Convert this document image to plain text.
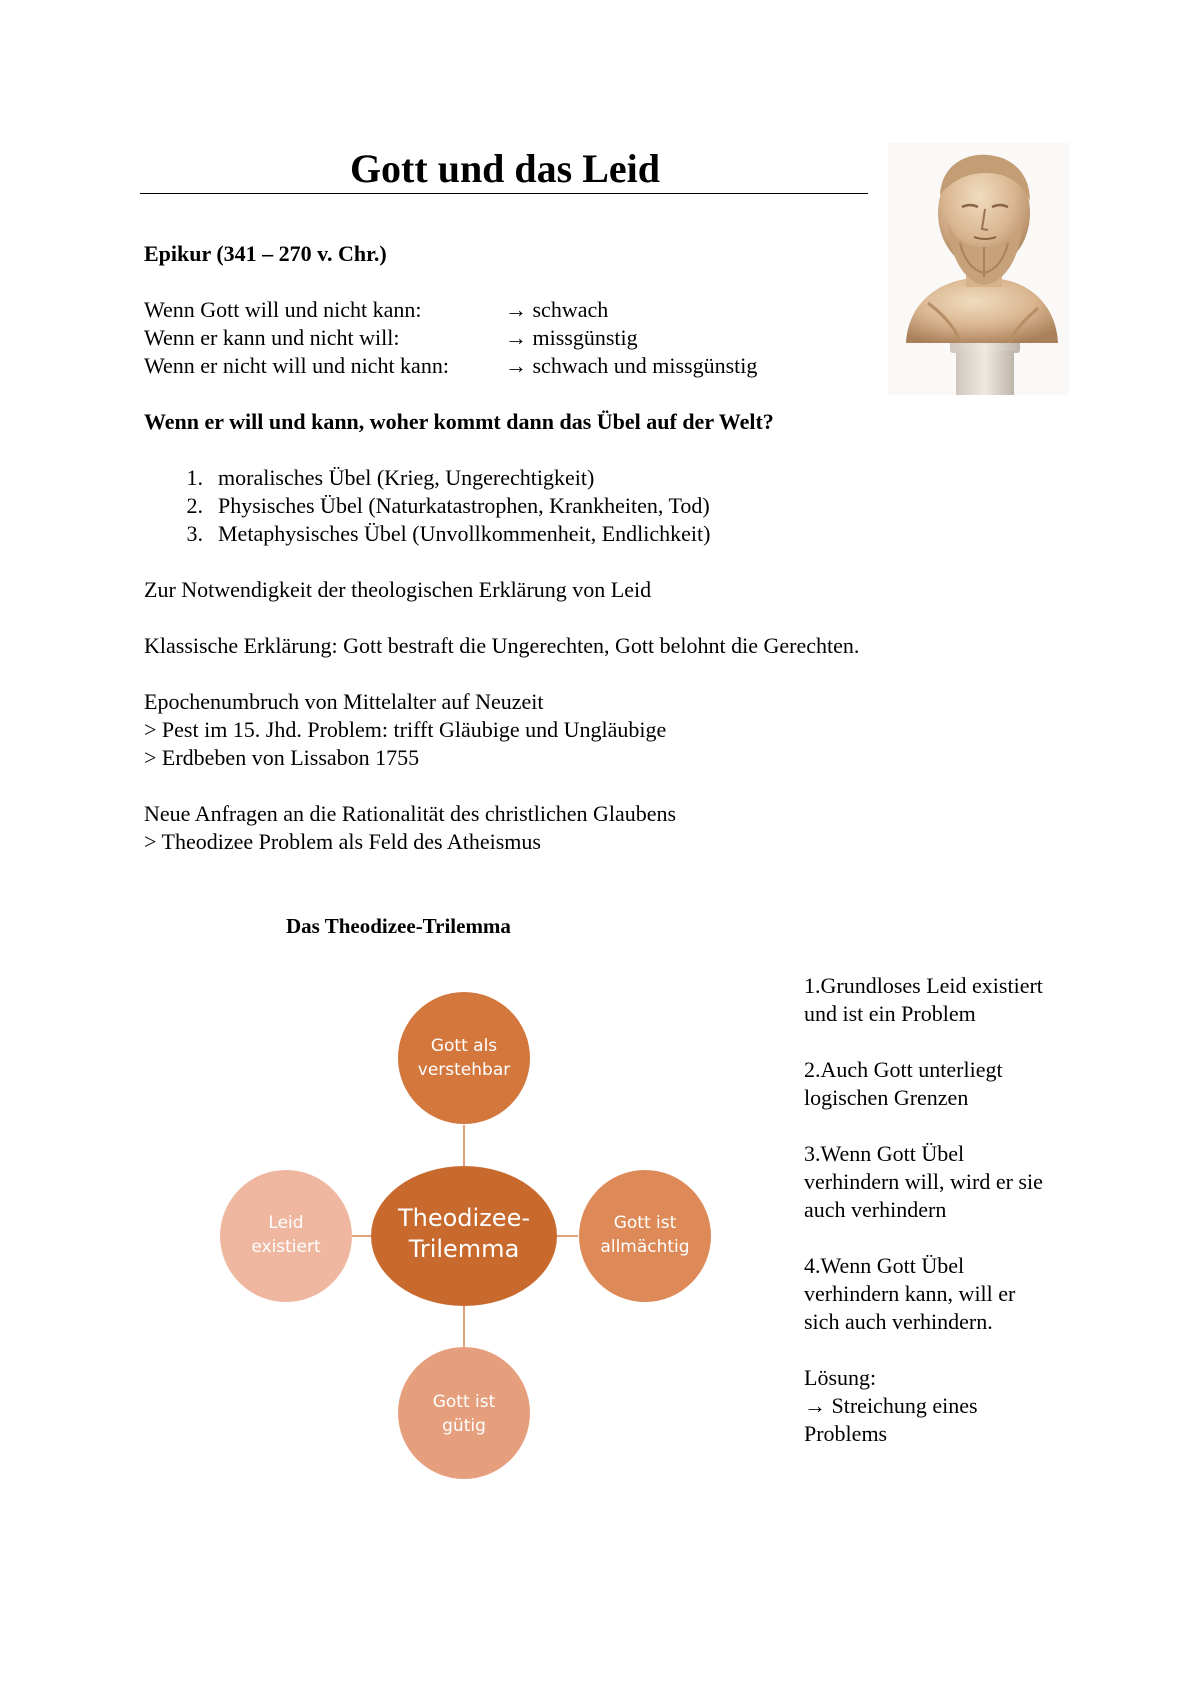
Gott und das Leid
Epikur (341 – 270 v. Chr.)
Wenn Gott will und nicht kann:	→ schwach
Wenn er kann und nicht will:	→ missgünstig
Wenn er nicht will und nicht kann:	→ schwach und missgünstig
Wenn er will und kann, woher kommt dann das Übel auf der Welt?
1. moralisches Übel (Krieg, Ungerechtigkeit)
2. Physisches Übel (Naturkatastrophen, Krankheiten, Tod)
3. Metaphysisches Übel (Unvollkommenheit, Endlichkeit)
Zur Notwendigkeit der theologischen Erklärung von Leid
Klassische Erklärung: Gott bestraft die Ungerechten, Gott belohnt die Gerechten.
Epochenumbruch von Mittelalter auf Neuzeit
> Pest im 15. Jhd. Problem: trifft Gläubige und Ungläubige
> Erdbeben von Lissabon 1755
Neue Anfragen an die Rationalität des christlichen Glaubens
> Theodizee Problem als Feld des Atheismus
Das Theodizee-Trilemma
Gott als
verstehbar
Gott ist
allmächtig
Gott ist
gütig
Leid
existiert
Theodizee-
Trilemma
1.Grundloses Leid existiert
und ist ein Problem
2.Auch Gott unterliegt
logischen Grenzen
3.Wenn Gott Übel
verhindern will, wird er sie
auch verhindern
4.Wenn Gott Übel
verhindern kann, will er
sich auch verhindern.
Lösung:
→ Streichung eines
Problems
